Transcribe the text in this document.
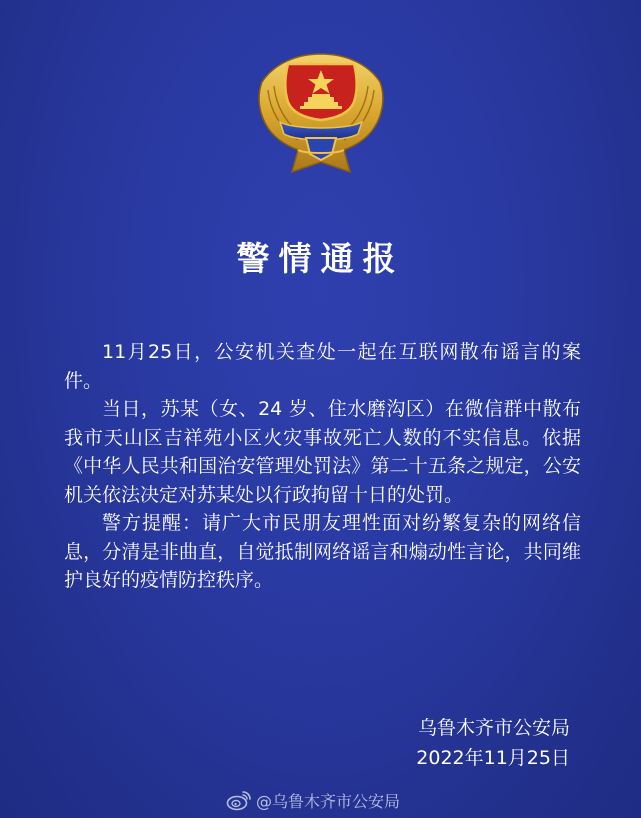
警情通报

11月25日，公安机关查处一起在互联网散布谣言的案件。

当日，苏某（女、24 岁、住水磨沟区）在微信群中散布我市天山区吉祥苑小区火灾事故死亡人数的不实信息。依据《中华人民共和国治安管理处罚法》第二十五条之规定，公安机关依法决定对苏某处以行政拘留十日的处罚。

警方提醒：请广大市民朋友理性面对纷繁复杂的网络信息，分清是非曲直，自觉抵制网络谣言和煽动性言论，共同维护良好的疫情防控秩序。

乌鲁木齐市公安局
2022年11月25日
@乌鲁木齐市公安局
